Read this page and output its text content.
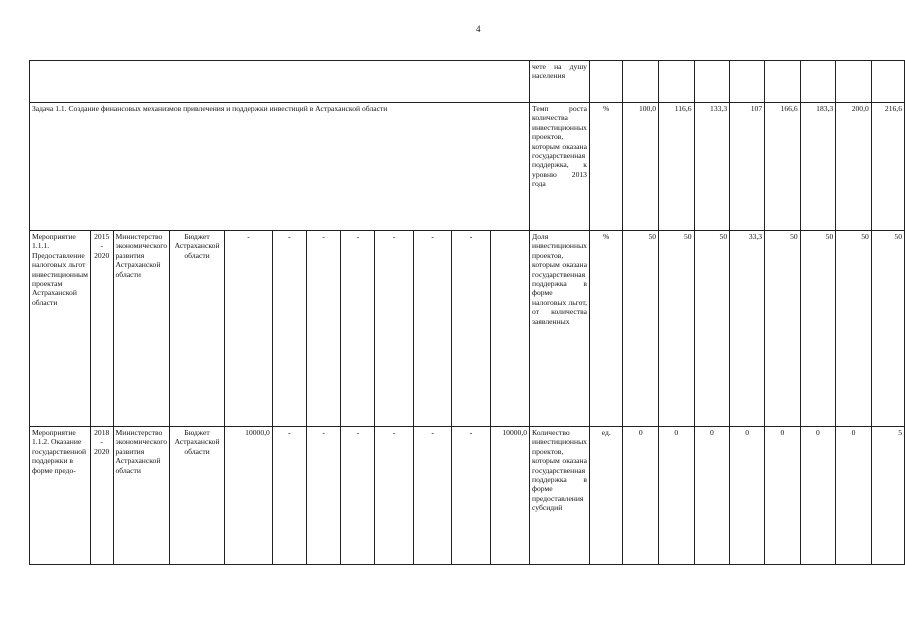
4
												чете на душу населения									
Задача 1.1. Создание финансовых механизмов привлечения и поддержки инвестиций в Астраханской области												Темп роста количества инвестиционных проектов, которым оказана государственная поддержка, к уровню 2013 года	%	100,0	116,6	133,3	107	166,6	183,3	200,0	216,6
Мероприятие 1.1.1. Предоставление налоговых льгот инвестиционным проектам Астраханской области	2015 - 2020	Министерство экономического развития Астраханской области	Бюджет Астраханской области	-	-	-	-	-	-	-		Доля инвестиционных проектов, которым оказана государственная поддержка в форме налоговых льгот, от количества заявленных	%	50	50	50	33,3	50	50	50	50
Мероприятие 1.1.2. Оказание государственной поддержки в форме предо-	2018 - 2020	Министерство экономического развития Астраханской области	Бюджет Астраханской области	10000,0	-	-	-	-	-	-	10000,0	Количество инвестиционных проектов, которым оказана государственная поддержка в форме предоставления субсидий	ед.	0	0	0	0	0	0	0	5
